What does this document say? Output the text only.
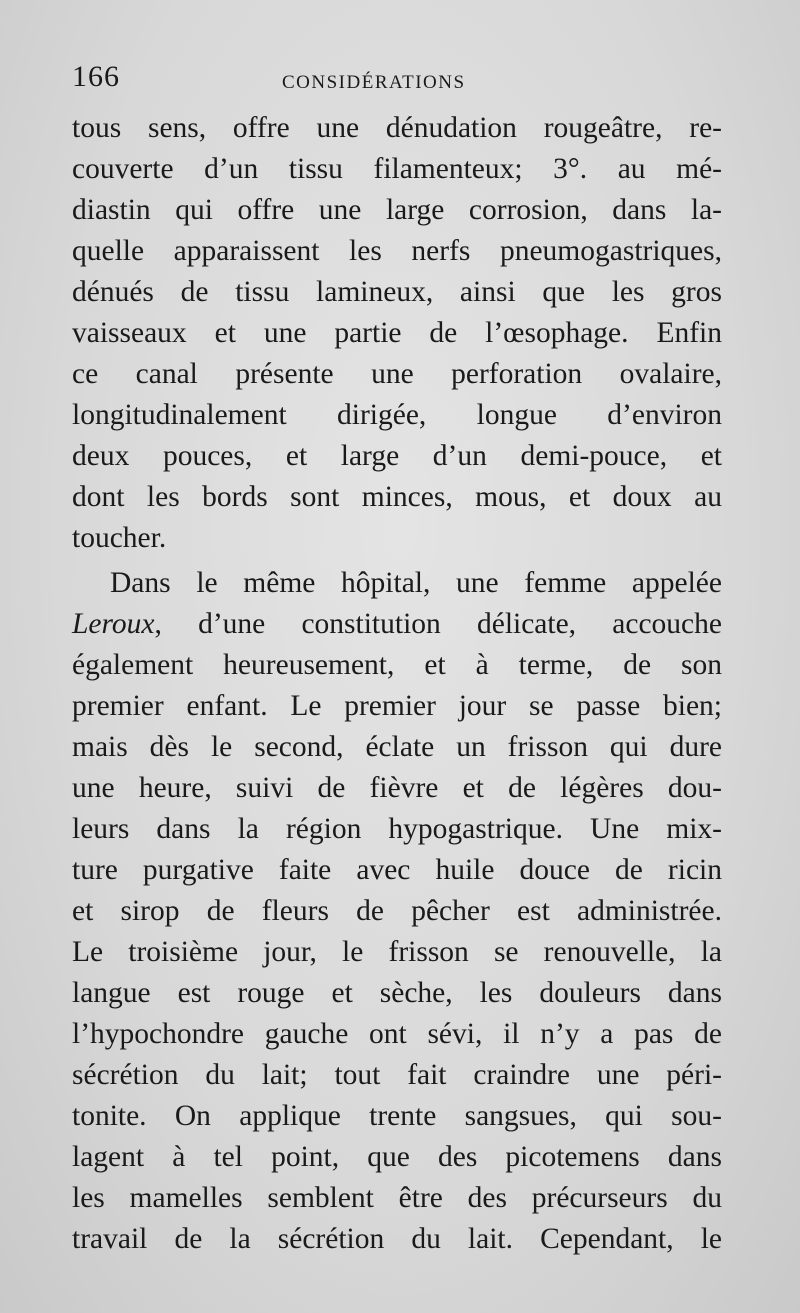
166	CONSIDÉRATIONS
tous sens, offre une dénudation rougeâtre, re-
couverte d’un tissu filamenteux; 3°. au mé-
diastin qui offre une large corrosion, dans la-
quelle apparaissent les nerfs pneumogastriques,
dénués de tissu lamineux, ainsi que les gros
vaisseaux et une partie de l’œsophage. Enfin
ce canal présente une perforation ovalaire,
longitudinalement dirigée, longue d’environ
deux pouces, et large d’un demi-pouce, et
dont les bords sont minces, mous, et doux au
toucher.
Dans le même hôpital, une femme appelée
Leroux, d’une constitution délicate, accouche
également heureusement, et à terme, de son
premier enfant. Le premier jour se passe bien;
mais dès le second, éclate un frisson qui dure
une heure, suivi de fièvre et de légères dou-
leurs dans la région hypogastrique. Une mix-
ture purgative faite avec huile douce de ricin
et sirop de fleurs de pêcher est administrée.
Le troisième jour, le frisson se renouvelle, la
langue est rouge et sèche, les douleurs dans
l’hypochondre gauche ont sévi, il n’y a pas de
sécrétion du lait; tout fait craindre une péri-
tonite. On applique trente sangsues, qui sou-
lagent à tel point, que des picotemens dans
les mamelles semblent être des précurseurs du
travail de la sécrétion du lait. Cependant, le
